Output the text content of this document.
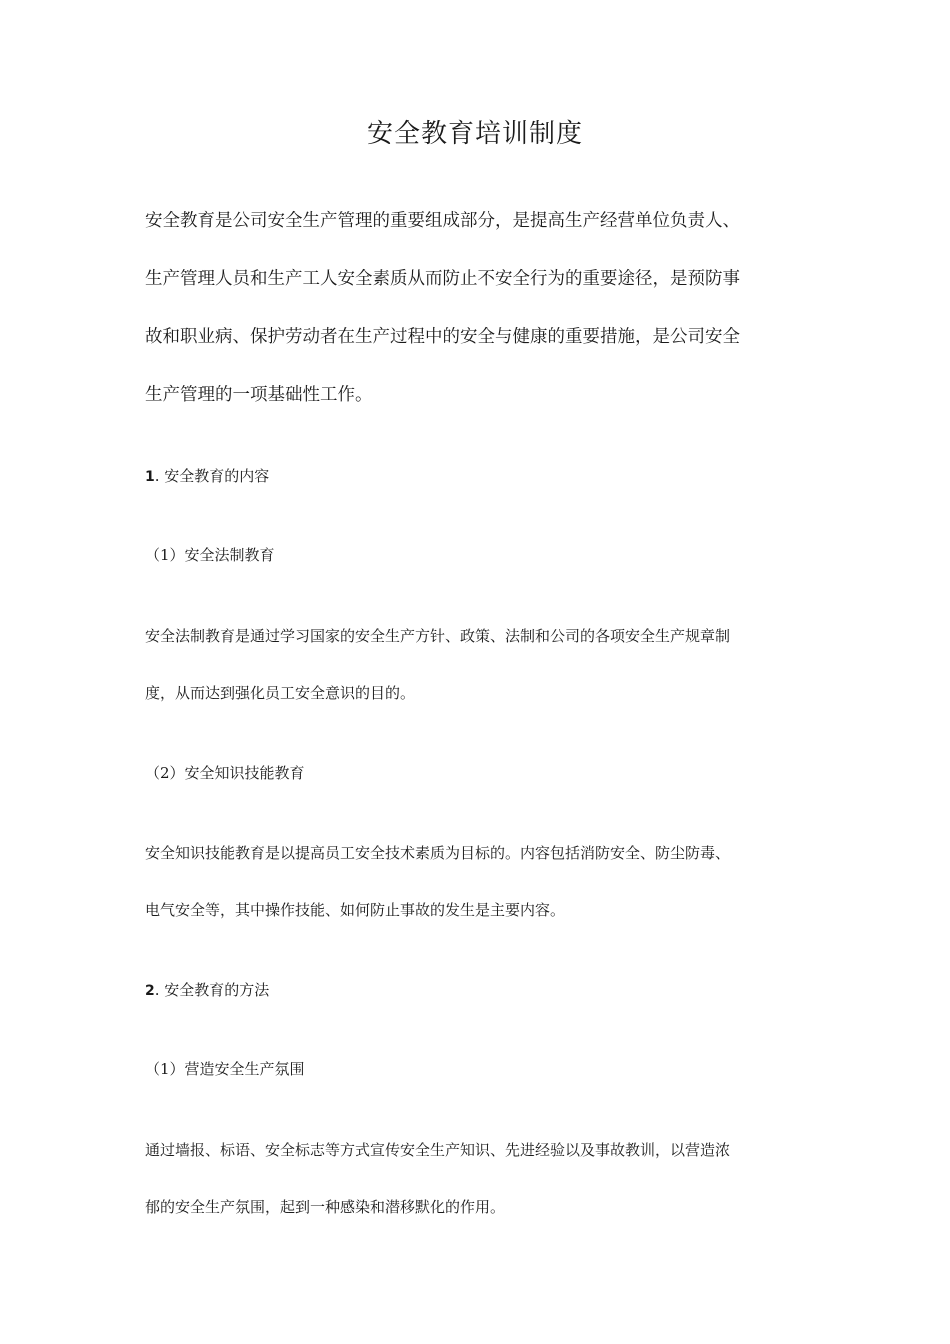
安全教育培训制度
安全教育是公司安全生产管理的重要组成部分，是提高生产经营单位负责人、
生产管理人员和生产工人安全素质从而防止不安全行为的重要途径，是预防事
故和职业病、保护劳动者在生产过程中的安全与健康的重要措施，是公司安全
生产管理的一项基础性工作。
1. 安全教育的内容
（1）安全法制教育
安全法制教育是通过学习国家的安全生产方针、政策、法制和公司的各项安全生产规章制
度，从而达到强化员工安全意识的目的。
（2）安全知识技能教育
安全知识技能教育是以提高员工安全技术素质为目标的。内容包括消防安全、防尘防毒、
电气安全等，其中操作技能、如何防止事故的发生是主要内容。
2. 安全教育的方法
（1）营造安全生产氛围
通过墙报、标语、安全标志等方式宣传安全生产知识、先进经验以及事故教训，以营造浓
郁的安全生产氛围，起到一种感染和潜移默化的作用。
